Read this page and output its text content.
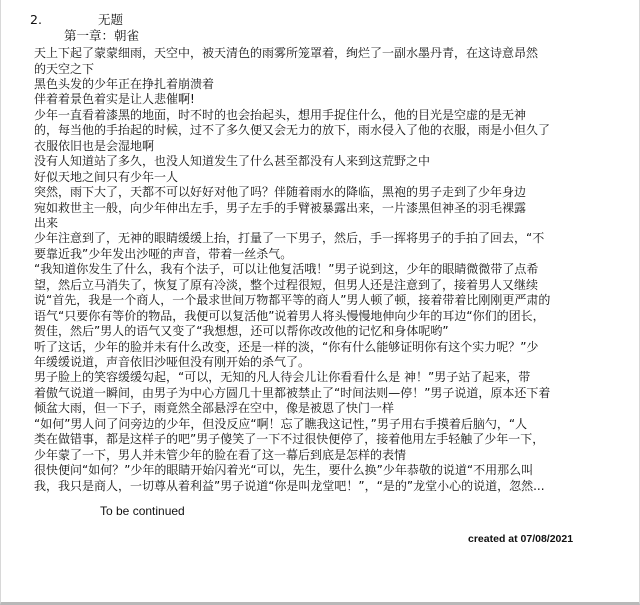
2.	无题
第一章：朝雀

天上下起了蒙蒙细雨，天空中，被天清色的雨雾所笼罩着，绚烂了一副水墨丹青，在这诗意昂然

的天空之下

黑色头发的少年正在挣扎着崩溃着

伴着着景色着实是让人悲催啊!

少年一直看着漆黑的地面，时不时的也会抬起头，想用手捉住什么，他的目光是空虚的是无神

的，每当他的手抬起的时候，过不了多久便又会无力的放下，雨水侵入了他的衣服，雨是小但久了

衣服依旧也是会湿地啊

没有人知道站了多久，也没人知道发生了什么甚至都没有人来到这荒野之中

好似天地之间只有少年一人

突然，雨下大了，天都不可以好好对他了吗？伴随着雨水的降临，黑袍的男子走到了少年身边

宛如救世主一般，向少年伸出左手，男子左手的手臂被暴露出来，一片漆黑但神圣的羽毛裸露

出来

少年注意到了，无神的眼睛缓缓上抬，打量了一下男子，然后，手一挥将男子的手拍了回去，“不

要靠近我”少年发出沙哑的声音，带着一丝杀气。

“我知道你发生了什么，我有个法子，可以让他复活哦！”男子说到这，少年的眼睛微微带了点希

望，然后立马消失了，恢复了原有冷淡，整个过程很短，但男人还是注意到了，接着男人又继续

说“首先，我是一个商人，一个最求世间万物都平等的商人”男人顿了顿，接着带着比刚刚更严肃的

语气“只要你有等价的物品，我便可以复活他”说着男人将头慢慢地伸向少年的耳边“你们的团长，

贺佳，然后”男人的语气又变了“我想想，还可以帮你改改他的记忆和身体呢哟”

听了这话，少年的脸并未有什么改变，还是一样的淡，“你有什么能够证明你有这个实力呢？”少

年缓缓说道，声音依旧沙哑但没有刚开始的杀气了。

男子脸上的笑容缓缓勾起，“可以，无知的凡人待会儿让你看看什么是 神！”男子站了起来，带

着傲气说道一瞬间，由男子为中心方圆几十里都被禁止了“时间法则—停！”男子说道，原本还下着

倾盆大雨，但一下子，雨竟然全部悬浮在空中，像是被恩了快门一样

“如何”男人问了问旁边的少年，但没反应“啊！忘了瞧我这记性，”男子用右手摸着后脑勺，“人

类在做错事，都是这样子的吧”男子傻笑了一下不过很快便停了，接着他用左手轻触了少年一下，

少年蒙了一下，男人并未管少年的脸在看了这一幕后到底是怎样的表情

很快便问“如何？”少年的眼睛开始闪着光“可以，先生，要什么换”少年恭敬的说道“不用那么叫

我，我只是商人，一切尊从着利益”男子说道“你是叫龙堂吧！”，“是的”龙堂小心的说道，忽然...

To be continued

created at 07/08/2021
